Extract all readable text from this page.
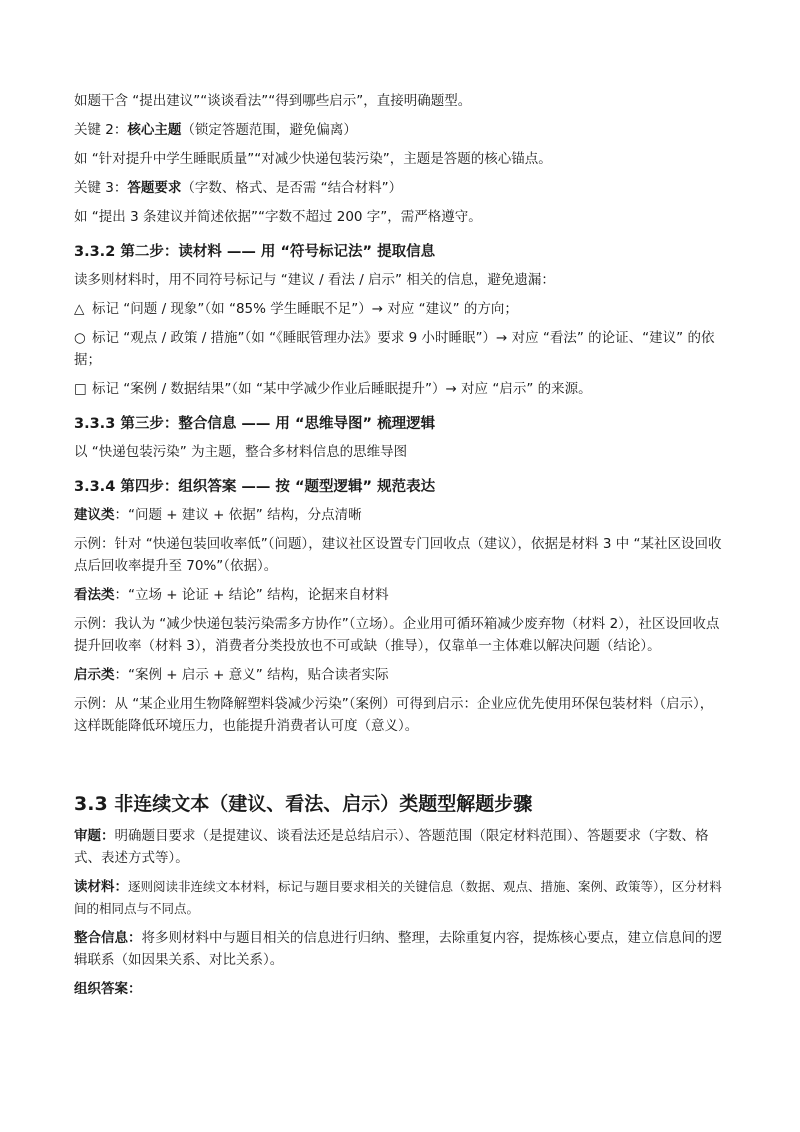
如题干含 “提出建议”“谈谈看法”“得到哪些启示”，直接明确题型。

关键 2：核心主题（锁定答题范围，避免偏离）

如 “针对提升中学生睡眠质量”“对减少快递包装污染”，主题是答题的核心锚点。

关键 3：答题要求（字数、格式、是否需 “结合材料”）

如 “提出 3 条建议并简述依据”“字数不超过 200 字”，需严格遵守。

3.3.2 第二步：读材料 —— 用 “符号标记法” 提取信息

读多则材料时，用不同符号标记与 “建议 / 看法 / 启示” 相关的信息，避免遗漏：

△ 标记 “问题 / 现象”（如 “85% 学生睡眠不足”）→ 对应 “建议” 的方向；

○ 标记 “观点 / 政策 / 措施”（如 “《睡眠管理办法》要求 9 小时睡眠”）→ 对应 “看法” 的论证、“建议” 的依据；

□ 标记 “案例 / 数据结果”（如 “某中学减少作业后睡眠提升”）→ 对应 “启示” 的来源。

3.3.3 第三步：整合信息 —— 用 “思维导图” 梳理逻辑

以 “快递包装污染” 为主题，整合多材料信息的思维导图

3.3.4 第四步：组织答案 —— 按 “题型逻辑” 规范表达

建议类：“问题 + 建议 + 依据” 结构，分点清晰

示例：针对 “快递包装回收率低”（问题），建议社区设置专门回收点（建议），依据是材料 3 中 “某社区设回收点后回收率提升至 70%”（依据）。

看法类：“立场 + 论证 + 结论” 结构，论据来自材料

示例：我认为 “减少快递包装污染需多方协作”（立场）。企业用可循环箱减少废弃物（材料 2），社区设回收点提升回收率（材料 3），消费者分类投放也不可或缺（推导），仅靠单一主体难以解决问题（结论）。

启示类：“案例 + 启示 + 意义” 结构，贴合读者实际

示例：从 “某企业用生物降解塑料袋减少污染”（案例）可得到启示：企业应优先使用环保包装材料（启示），这样既能降低环境压力，也能提升消费者认可度（意义）。

3.3 非连续文本（建议、看法、启示）类题型解题步骤

审题：明确题目要求（是提建议、谈看法还是总结启示）、答题范围（限定材料范围）、答题要求（字数、格式、表述方式等）。

读材料：逐则阅读非连续文本材料，标记与题目要求相关的关键信息（数据、观点、措施、案例、政策等），区分材料间的相同点与不同点。

整合信息：将多则材料中与题目相关的信息进行归纳、整理，去除重复内容，提炼核心要点，建立信息间的逻辑联系（如因果关系、对比关系）。

组织答案：
